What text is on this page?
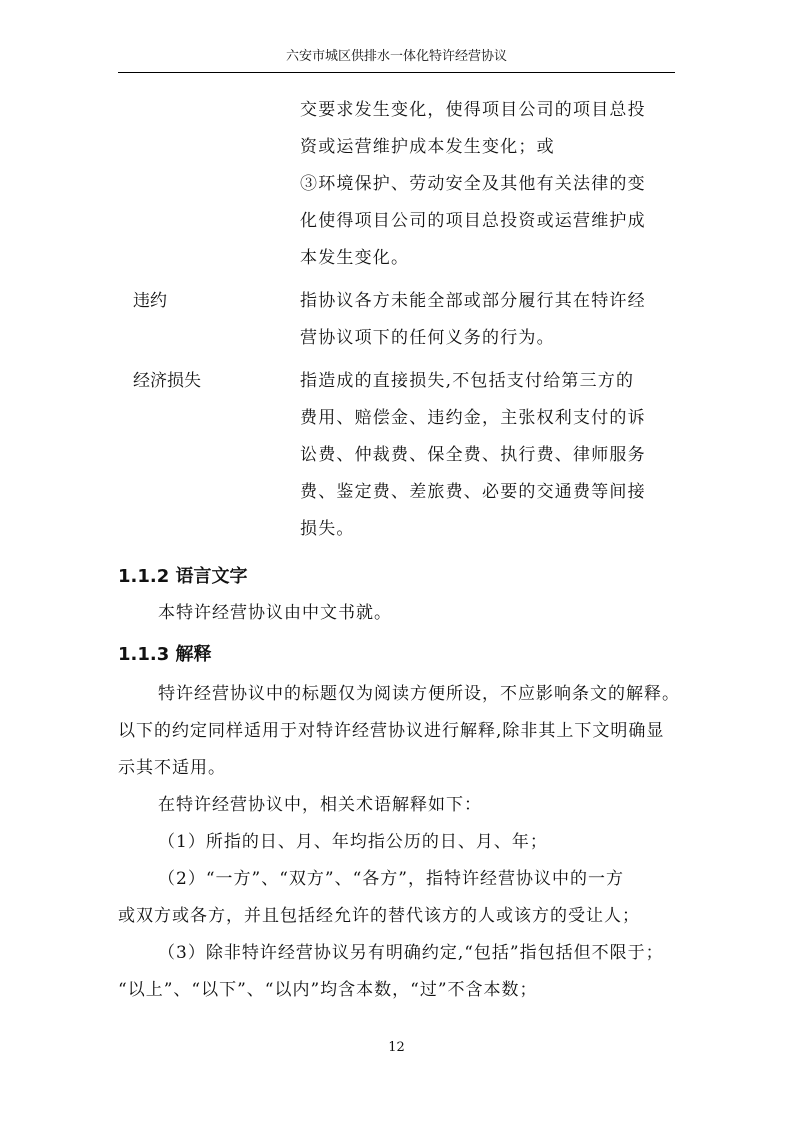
六安市城区供排水一体化特许经营协议

交要求发生变化，使得项目公司的项目总投

资或运营维护成本发生变化；或

③环境保护、劳动安全及其他有关法律的变

化使得项目公司的项目总投资或运营维护成

本发生变化。

违约	指协议各方未能全部或部分履行其在特许经

营协议项下的任何义务的行为。

经济损失	指造成的直接损失,不包括支付给第三方的

费用、赔偿金、违约金，主张权利支付的诉

讼费、仲裁费、保全费、执行费、律师服务

费、鉴定费、差旅费、必要的交通费等间接

损失。

1.1.2 语言文字

本特许经营协议由中文书就。

1.1.3 解释

特许经营协议中的标题仅为阅读方便所设，不应影响条文的解释。

以下的约定同样适用于对特许经营协议进行解释,除非其上下文明确显

示其不适用。

在特许经营协议中，相关术语解释如下：

（1）所指的日、月、年均指公历的日、月、年；

（2）“一方”、“双方”、“各方”，指特许经营协议中的一方

或双方或各方，并且包括经允许的替代该方的人或该方的受让人；

（3）除非特许经营协议另有明确约定,“包括”指包括但不限于；

“以上”、“以下”、“以内”均含本数，“过”不含本数；

12
